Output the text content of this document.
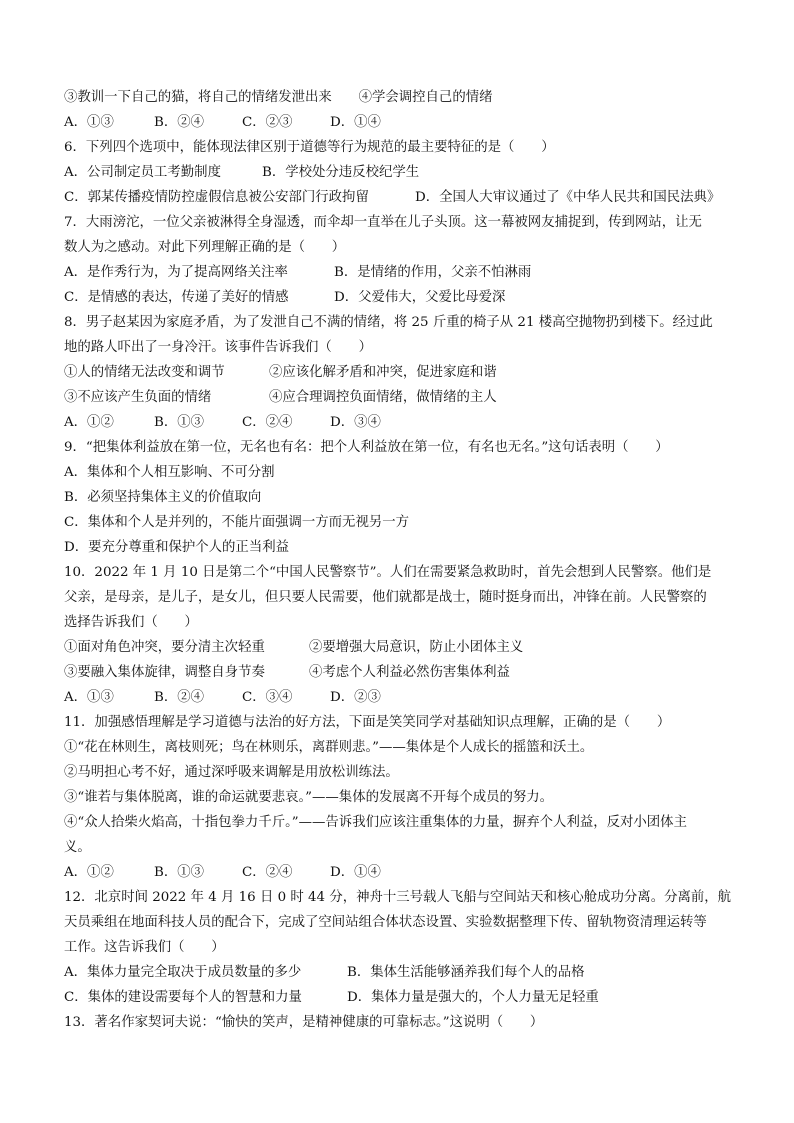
③教训一下自己的猫，将自己的情绪发泄出来　　④学会调控自己的情绪
A．①③	B．②④	C．②③	D．①④
6．下列四个选项中，能体现法律区别于道德等行为规范的最主要特征的是（　　）
A．公司制定员工考勤制度	B．学校处分违反校纪学生
C．郭某传播疫情防控虚假信息被公安部门行政拘留	D．全国人大审议通过了《中华人民共和国民法典》
7．大雨滂沱，一位父亲被淋得全身湿透，而伞却一直举在儿子头顶。这一幕被网友捕捉到，传到网站，让无
数人为之感动。对此下列理解正确的是（　　）
A．是作秀行为，为了提高网络关注率	B．是情绪的作用，父亲不怕淋雨
C．是情感的表达，传递了美好的情感	D．父爱伟大，父爱比母爱深
8．男子赵某因为家庭矛盾，为了发泄自己不满的情绪，将 25 斤重的椅子从 21 楼高空抛物扔到楼下。经过此
地的路人吓出了一身冷汗。该事件告诉我们（　　）
①人的情绪无法改变和调节	②应该化解矛盾和冲突，促进家庭和谐
③不应该产生负面的情绪	④应合理调控负面情绪，做情绪的主人
A．①②	B．①③	C．②④	D．③④
9．“把集体利益放在第一位，无名也有名：把个人利益放在第一位，有名也无名。”这句话表明（　　）
A．集体和个人相互影响、不可分割
B．必须坚持集体主义的价值取向
C．集体和个人是并列的，不能片面强调一方而无视另一方
D．要充分尊重和保护个人的正当利益
10．2022 年 1 月 10 日是第二个“中国人民警察节”。人们在需要紧急救助时，首先会想到人民警察。他们是
父亲，是母亲，是儿子，是女儿，但只要人民需要，他们就都是战士，随时挺身而出，冲锋在前。人民警察的
选择告诉我们（　　）
①面对角色冲突，要分清主次轻重	②要增强大局意识，防止小团体主义
③要融入集体旋律，调整自身节奏	④考虑个人利益必然伤害集体利益
A．①③	B．②④	C．③④	D．②③
11．加强感悟理解是学习道德与法治的好方法，下面是笑笑同学对基础知识点理解，正确的是（　　）
①“花在林则生，离枝则死；鸟在林则乐，离群则悲。”——集体是个人成长的摇篮和沃土。
②马明担心考不好，通过深呼吸来调解是用放松训练法。
③“谁若与集体脱离，谁的命运就要悲哀。”——集体的发展离不开每个成员的努力。
④“众人拾柴火焰高，十指包拳力千斤。”——告诉我们应该注重集体的力量，摒弃个人利益，反对小团体主
义。
A．①②	B．①③	C．②④	D．①④
12．北京时间 2022 年 4 月 16 日 0 时 44 分，神舟十三号载人飞船与空间站天和核心舱成功分离。分离前，航
天员乘组在地面科技人员的配合下，完成了空间站组合体状态设置、实验数据整理下传、留轨物资清理运转等
工作。这告诉我们（　　）
A．集体力量完全取决于成员数量的多少	B．集体生活能够涵养我们每个人的品格
C．集体的建设需要每个人的智慧和力量	D．集体力量是强大的，个人力量无足轻重
13．著名作家契诃夫说：“愉快的笑声，是精神健康的可靠标志。”这说明（　　）
